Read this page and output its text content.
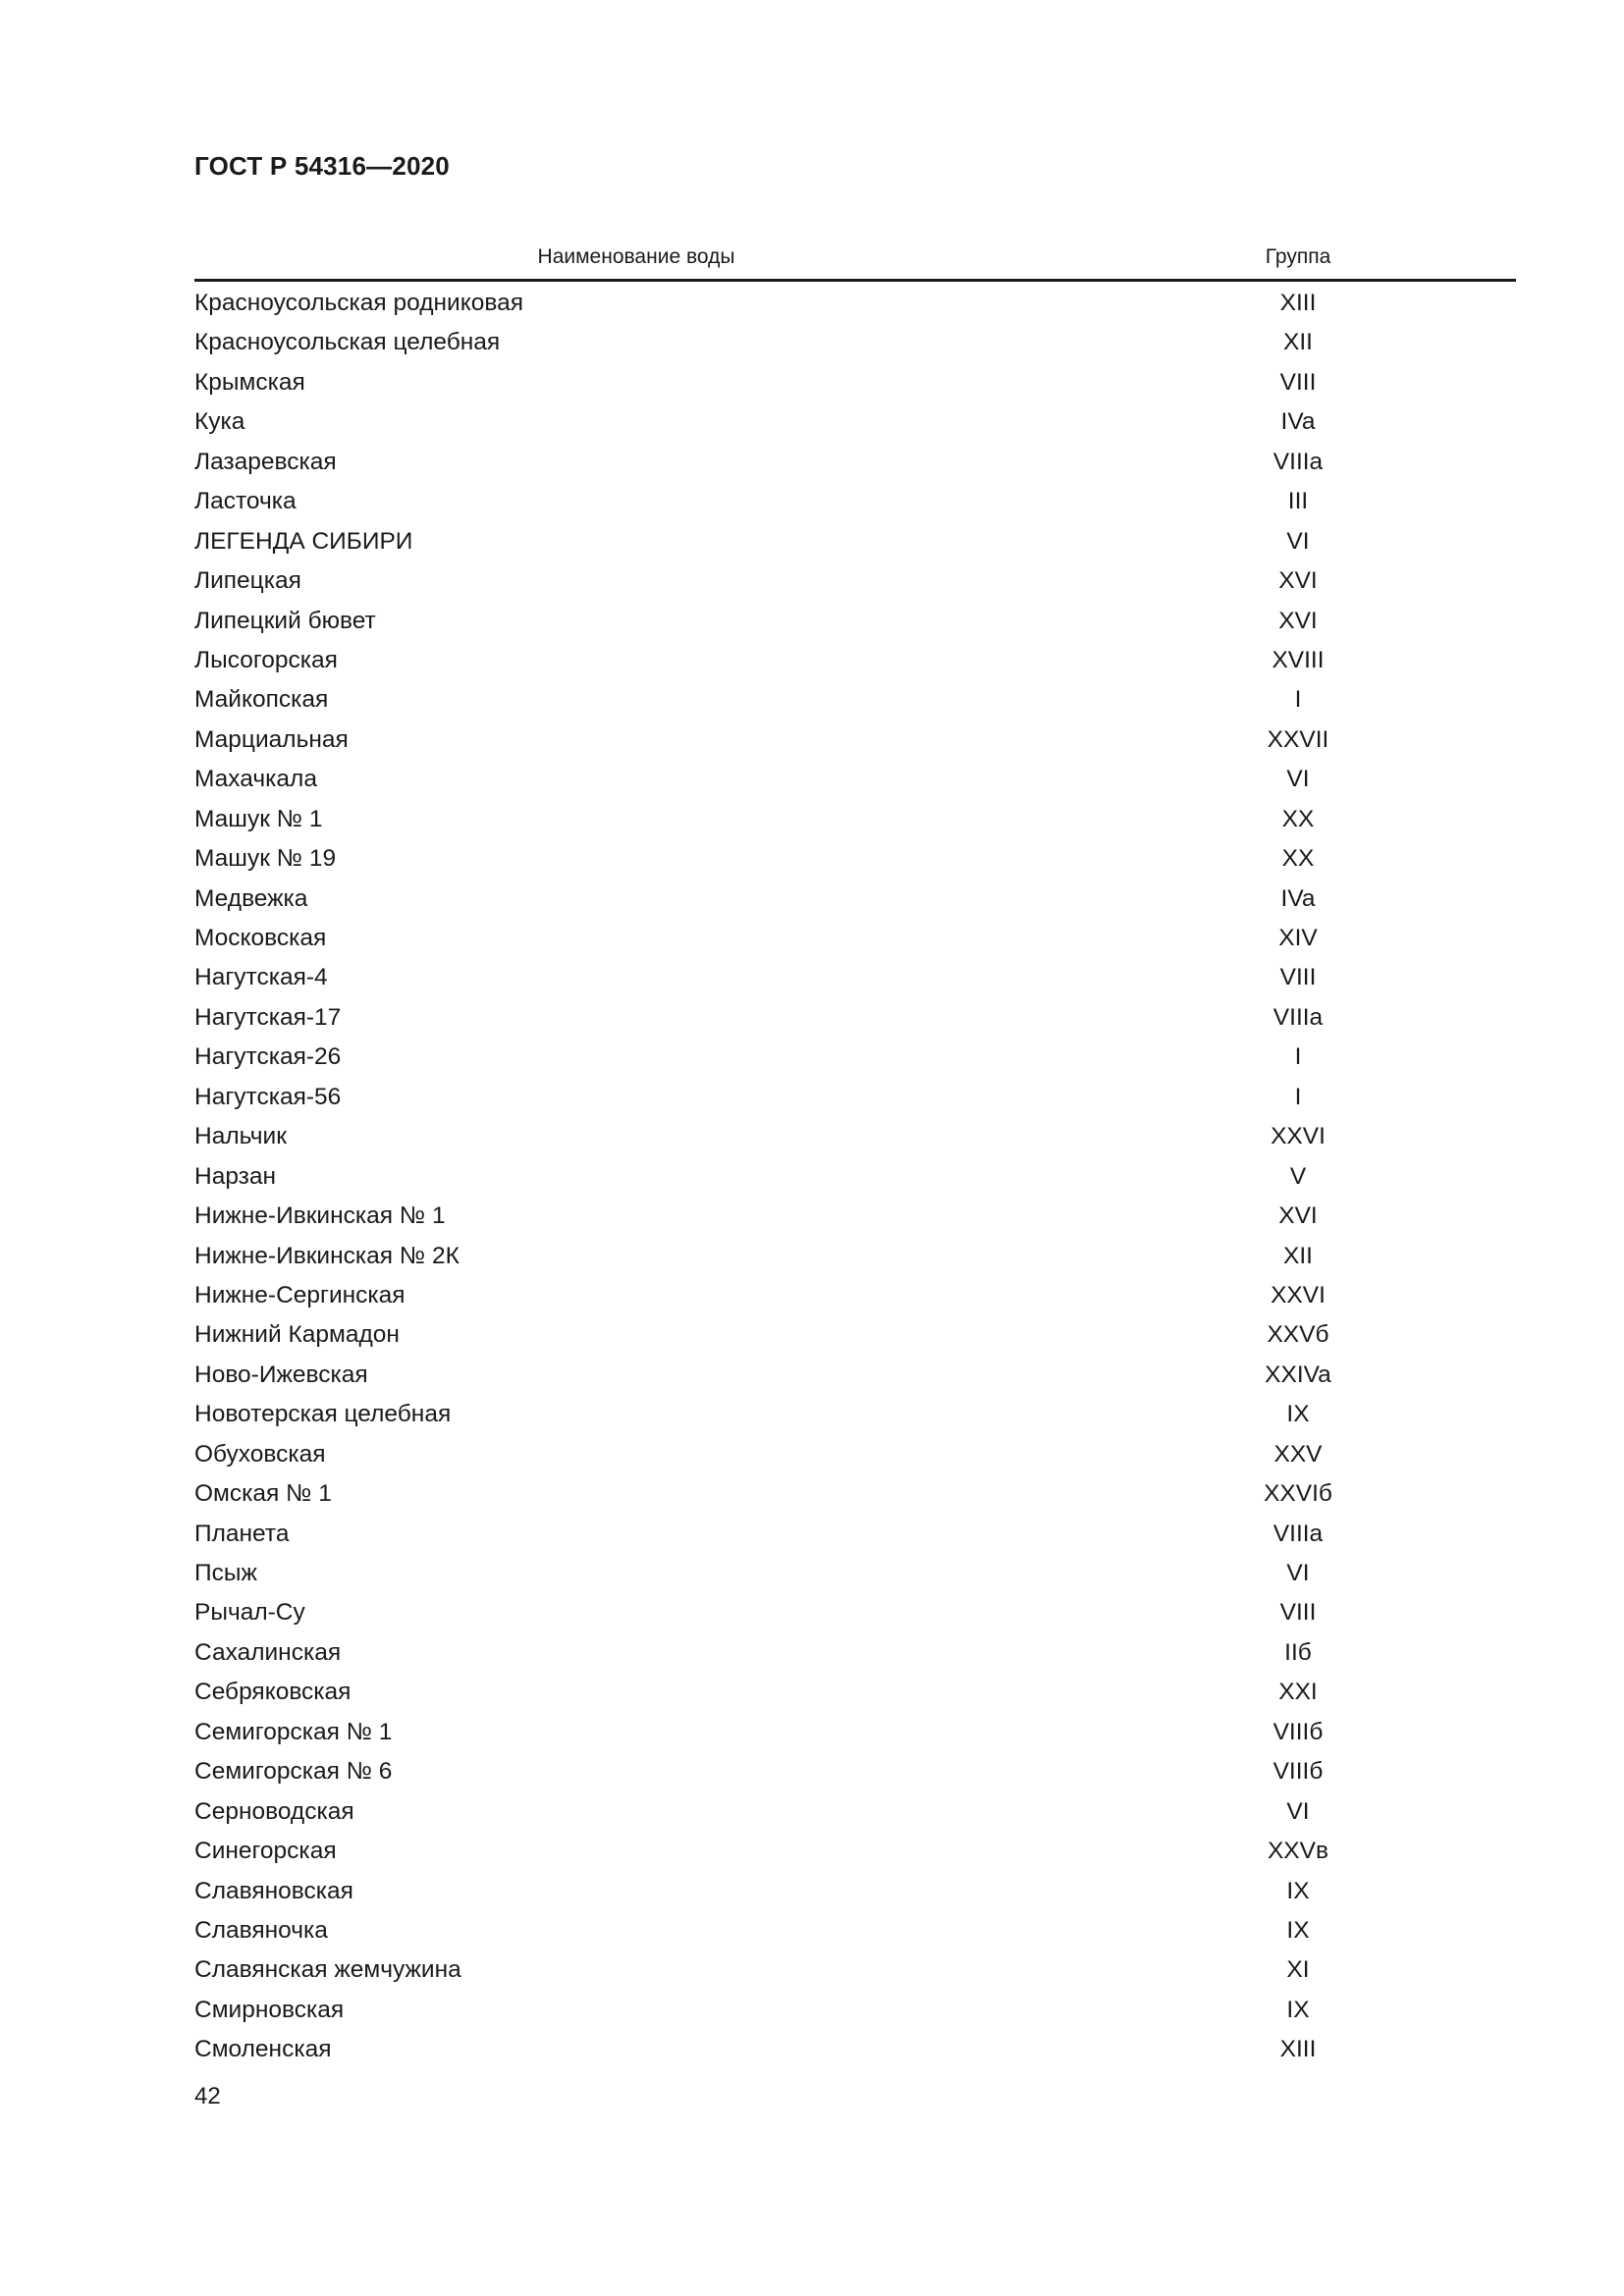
ГОСТ Р 54316—2020
Наименование воды	Группа
Красноусольская родниковая	XIII
Красноусольская целебная	XII
Крымская	VIII
Кука	IVa
Лазаревская	VIIIa
Ласточка	III
ЛЕГЕНДА СИБИРИ	VI
Липецкая	XVI
Липецкий бювет	XVI
Лысогорская	XVIII
Майкопская	I
Марциальная	XXVII
Махачкала	VI
Машук № 1	XX
Машук № 19	XX
Медвежка	IVa
Московская	XIV
Нагутская-4	VIII
Нагутская-17	VIIIa
Нагутская-26	I
Нагутская-56	I
Нальчик	XXVI
Нарзан	V
Нижне-Ивкинская № 1	XVI
Нижне-Ивкинская № 2К	XII
Нижне-Сергинская	XXVI
Нижний Кармадон	XXVб
Ново-Ижевская	XXIVa
Новотерская целебная	IX
Обуховская	XXV
Омская № 1	XXVIб
Планета	VIIIa
Псыж	VI
Рычал-Су	VIII
Сахалинская	IIб
Себряковская	XXI
Семигорская № 1	VIIIб
Семигорская № 6	VIIIб
Серноводская	VI
Синегорская	XXVв
Славяновская	IX
Славяночка	IX
Славянская жемчужина	XI
Смирновская	IX
Смоленская	XIII
42
